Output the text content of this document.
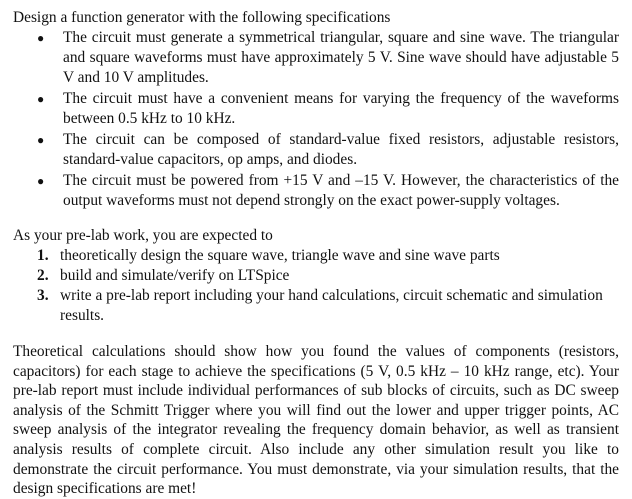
Design a function generator with the following specifications

● The circuit must generate a symmetrical triangular, square and sine wave. The triangular and square waveforms must have approximately 5 V. Sine wave should have adjustable 5 V and 10 V amplitudes.
● The circuit must have a convenient means for varying the frequency of the waveforms between 0.5 kHz to 10 kHz.
● The circuit can be composed of standard-value fixed resistors, adjustable resistors, standard-value capacitors, op amps, and diodes.
● The circuit must be powered from +15 V and –15 V. However, the characteristics of the output waveforms must not depend strongly on the exact power-supply voltages.

As your pre-lab work, you are expected to

1. theoretically design the square wave, triangle wave and sine wave parts
2. build and simulate/verify on LTSpice
3. write a pre-lab report including your hand calculations, circuit schematic and simulation results.

Theoretical calculations should show how you found the values of components (resistors, capacitors) for each stage to achieve the specifications (5 V, 0.5 kHz – 10 kHz range, etc). Your pre-lab report must include individual performances of sub blocks of circuits, such as DC sweep analysis of the Schmitt Trigger where you will find out the lower and upper trigger points, AC sweep analysis of the integrator revealing the frequency domain behavior, as well as transient analysis results of complete circuit. Also include any other simulation result you like to demonstrate the circuit performance. You must demonstrate, via your simulation results, that the design specifications are met!
